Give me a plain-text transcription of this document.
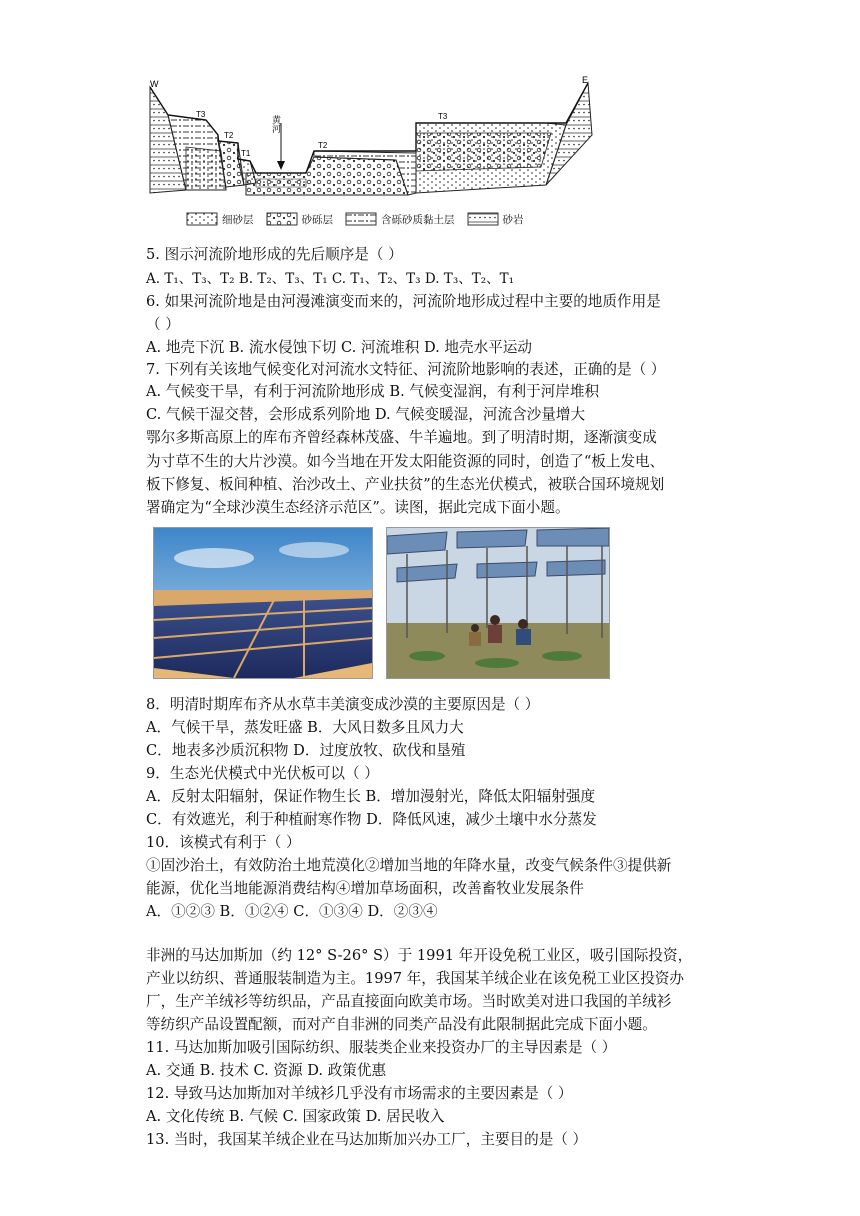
W	E
黄河
T3
T2
T1
T2
T3
细砂层	砂砾层	含砾砂质黏土层	砂岩
5. 图示河流阶地形成的先后顺序是（ ）
A. T₁、T₃、T₂ B. T₂、T₃、T₁ C. T₁、T₂、T₃ D. T₃、T₂、T₁
6. 如果河流阶地是由河漫滩演变而来的，河流阶地形成过程中主要的地质作用是
（ ）
A. 地壳下沉 B. 流水侵蚀下切 C. 河流堆积 D. 地壳水平运动
7. 下列有关该地气候变化对河流水文特征、河流阶地影响的表述，正确的是（ ）
A. 气候变干旱，有利于河流阶地形成 B. 气候变湿润，有利于河岸堆积
C. 气候干湿交替，会形成系列阶地 D. 气候变暖湿，河流含沙量增大
鄂尔多斯高原上的库布齐曾经森林茂盛、牛羊遍地。到了明清时期，逐渐演变成
为寸草不生的大片沙漠。如今当地在开发太阳能资源的同时，创造了“板上发电、
板下修复、板间种植、治沙改土、产业扶贫”的生态光伏模式，被联合国环境规划
署确定为“全球沙漠生态经济示范区”。读图，据此完成下面小题。
8．明清时期库布齐从水草丰美演变成沙漠的主要原因是（ ）
A．气候干旱，蒸发旺盛 B．大风日数多且风力大
C．地表多沙质沉积物 D．过度放牧、砍伐和垦殖
9．生态光伏模式中光伏板可以（ ）
A．反射太阳辐射，保证作物生长 B．增加漫射光，降低太阳辐射强度
C．有效遮光，利于种植耐寒作物 D．降低风速，减少土壤中水分蒸发
10．该模式有利于（ ）
①固沙治土，有效防治土地荒漠化②增加当地的年降水量，改变气候条件③提供新
能源，优化当地能源消费结构④增加草场面积，改善畜牧业发展条件
A．①②③ B．①②④ C．①③④ D．②③④
非洲的马达加斯加（约 12° S-26° S）于 1991 年开设免税工业区，吸引国际投资，
产业以纺织、普通服装制造为主。1997 年，我国某羊绒企业在该免税工业区投资办
厂，生产羊绒衫等纺织品，产品直接面向欧美市场。当时欧美对进口我国的羊绒衫
等纺织产品设置配额，而对产自非洲的同类产品没有此限制据此完成下面小题。
11. 马达加斯加吸引国际纺织、服装类企业来投资办厂的主导因素是（ ）
A. 交通 B. 技术 C. 资源 D. 政策优惠
12. 导致马达加斯加对羊绒衫几乎没有市场需求的主要因素是（ ）
A. 文化传统 B. 气候 C. 国家政策 D. 居民收入
13. 当时，我国某羊绒企业在马达加斯加兴办工厂，主要目的是（ ）
